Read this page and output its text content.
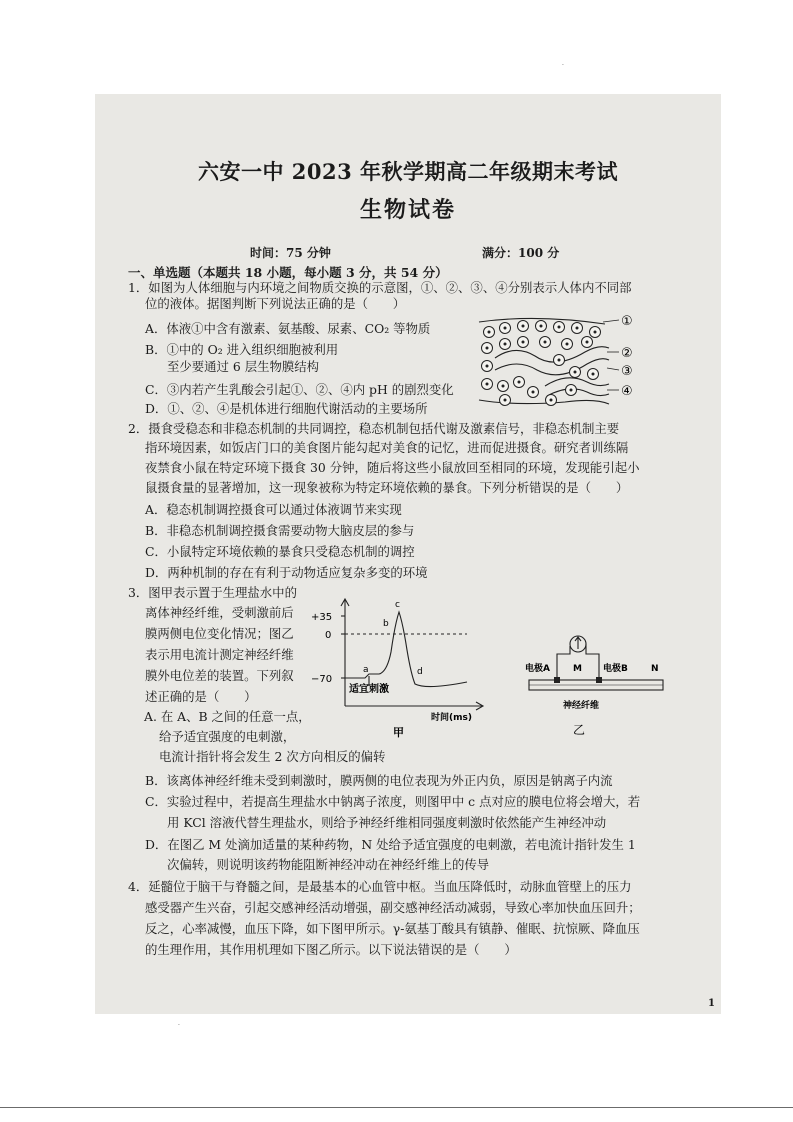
六安一中 2023 年秋学期高二年级期末考试
生物试卷
时间：75 分钟	满分：100 分
一、单选题（本题共 18 小题，每小题 3 分，共 54 分）
1．如图为人体细胞与内环境之间物质交换的示意图，①、②、③、④分别表示人体内不同部
位的液体。据图判断下列说法正确的是（　　）
A．体液①中含有激素、氨基酸、尿素、CO₂ 等物质
B．①中的 O₂ 进入组织细胞被利用
至少要通过 6 层生物膜结构
C．③内若产生乳酸会引起①、②、④内 pH 的剧烈变化
D．①、②、④是机体进行细胞代谢活动的主要场所
①
②
③
④
2．摄食受稳态和非稳态机制的共同调控，稳态机制包括代谢及激素信号，非稳态机制主要
指环境因素，如饭店门口的美食图片能勾起对美食的记忆，进而促进摄食。研究者训练隔
夜禁食小鼠在特定环境下摄食 30 分钟，随后将这些小鼠放回至相同的环境，发现能引起小
鼠摄食量的显著增加，这一现象被称为特定环境依赖的暴食。下列分析错误的是（　　）
A．稳态机制调控摄食可以通过体液调节来实现
B．非稳态机制调控摄食需要动物大脑皮层的参与
C．小鼠特定环境依赖的暴食只受稳态机制的调控
D．两种机制的存在有利于动物适应复杂多变的环境
3．图甲表示置于生理盐水中的
离体神经纤维，受刺激前后
膜两侧电位变化情况；图乙
表示用电流计测定神经纤维
膜外电位差的装置。下列叙
述正确的是（　　）
A. 在 A、B 之间的任意一点，
给予适宜强度的电刺激，
电流计指针将会发生 2 次方向相反的偏转
B．该离体神经纤维未受到刺激时，膜两侧的电位表现为外正内负，原因是钠离子内流
C．实验过程中，若提高生理盐水中钠离子浓度，则图甲中 c 点对应的膜电位将会增大，若
用 KCl 溶液代替生理盐水，则给予神经纤维相同强度刺激时依然能产生神经冲动
D．在图乙 M 处滴加适量的某种药物，N 处给予适宜强度的电刺激，若电流计指针发生 1
次偏转，则说明该药物能阻断神经冲动在神经纤维上的传导
+35
0
−70
a
b
c
d
适宜刺激
时间(ms)
甲
电极A	M 电极B	N
神经纤维
乙
4．延髓位于脑干与脊髓之间，是最基本的心血管中枢。当血压降低时，动脉血管壁上的压力
感受器产生兴奋，引起交感神经活动增强，副交感神经活动减弱，导致心率加快血压回升；
反之，心率减慢，血压下降，如下图甲所示。γ-氨基丁酸具有镇静、催眠、抗惊厥、降血压
的生理作用，其作用机理如下图乙所示。以下说法错误的是（　　）
1
·
·
